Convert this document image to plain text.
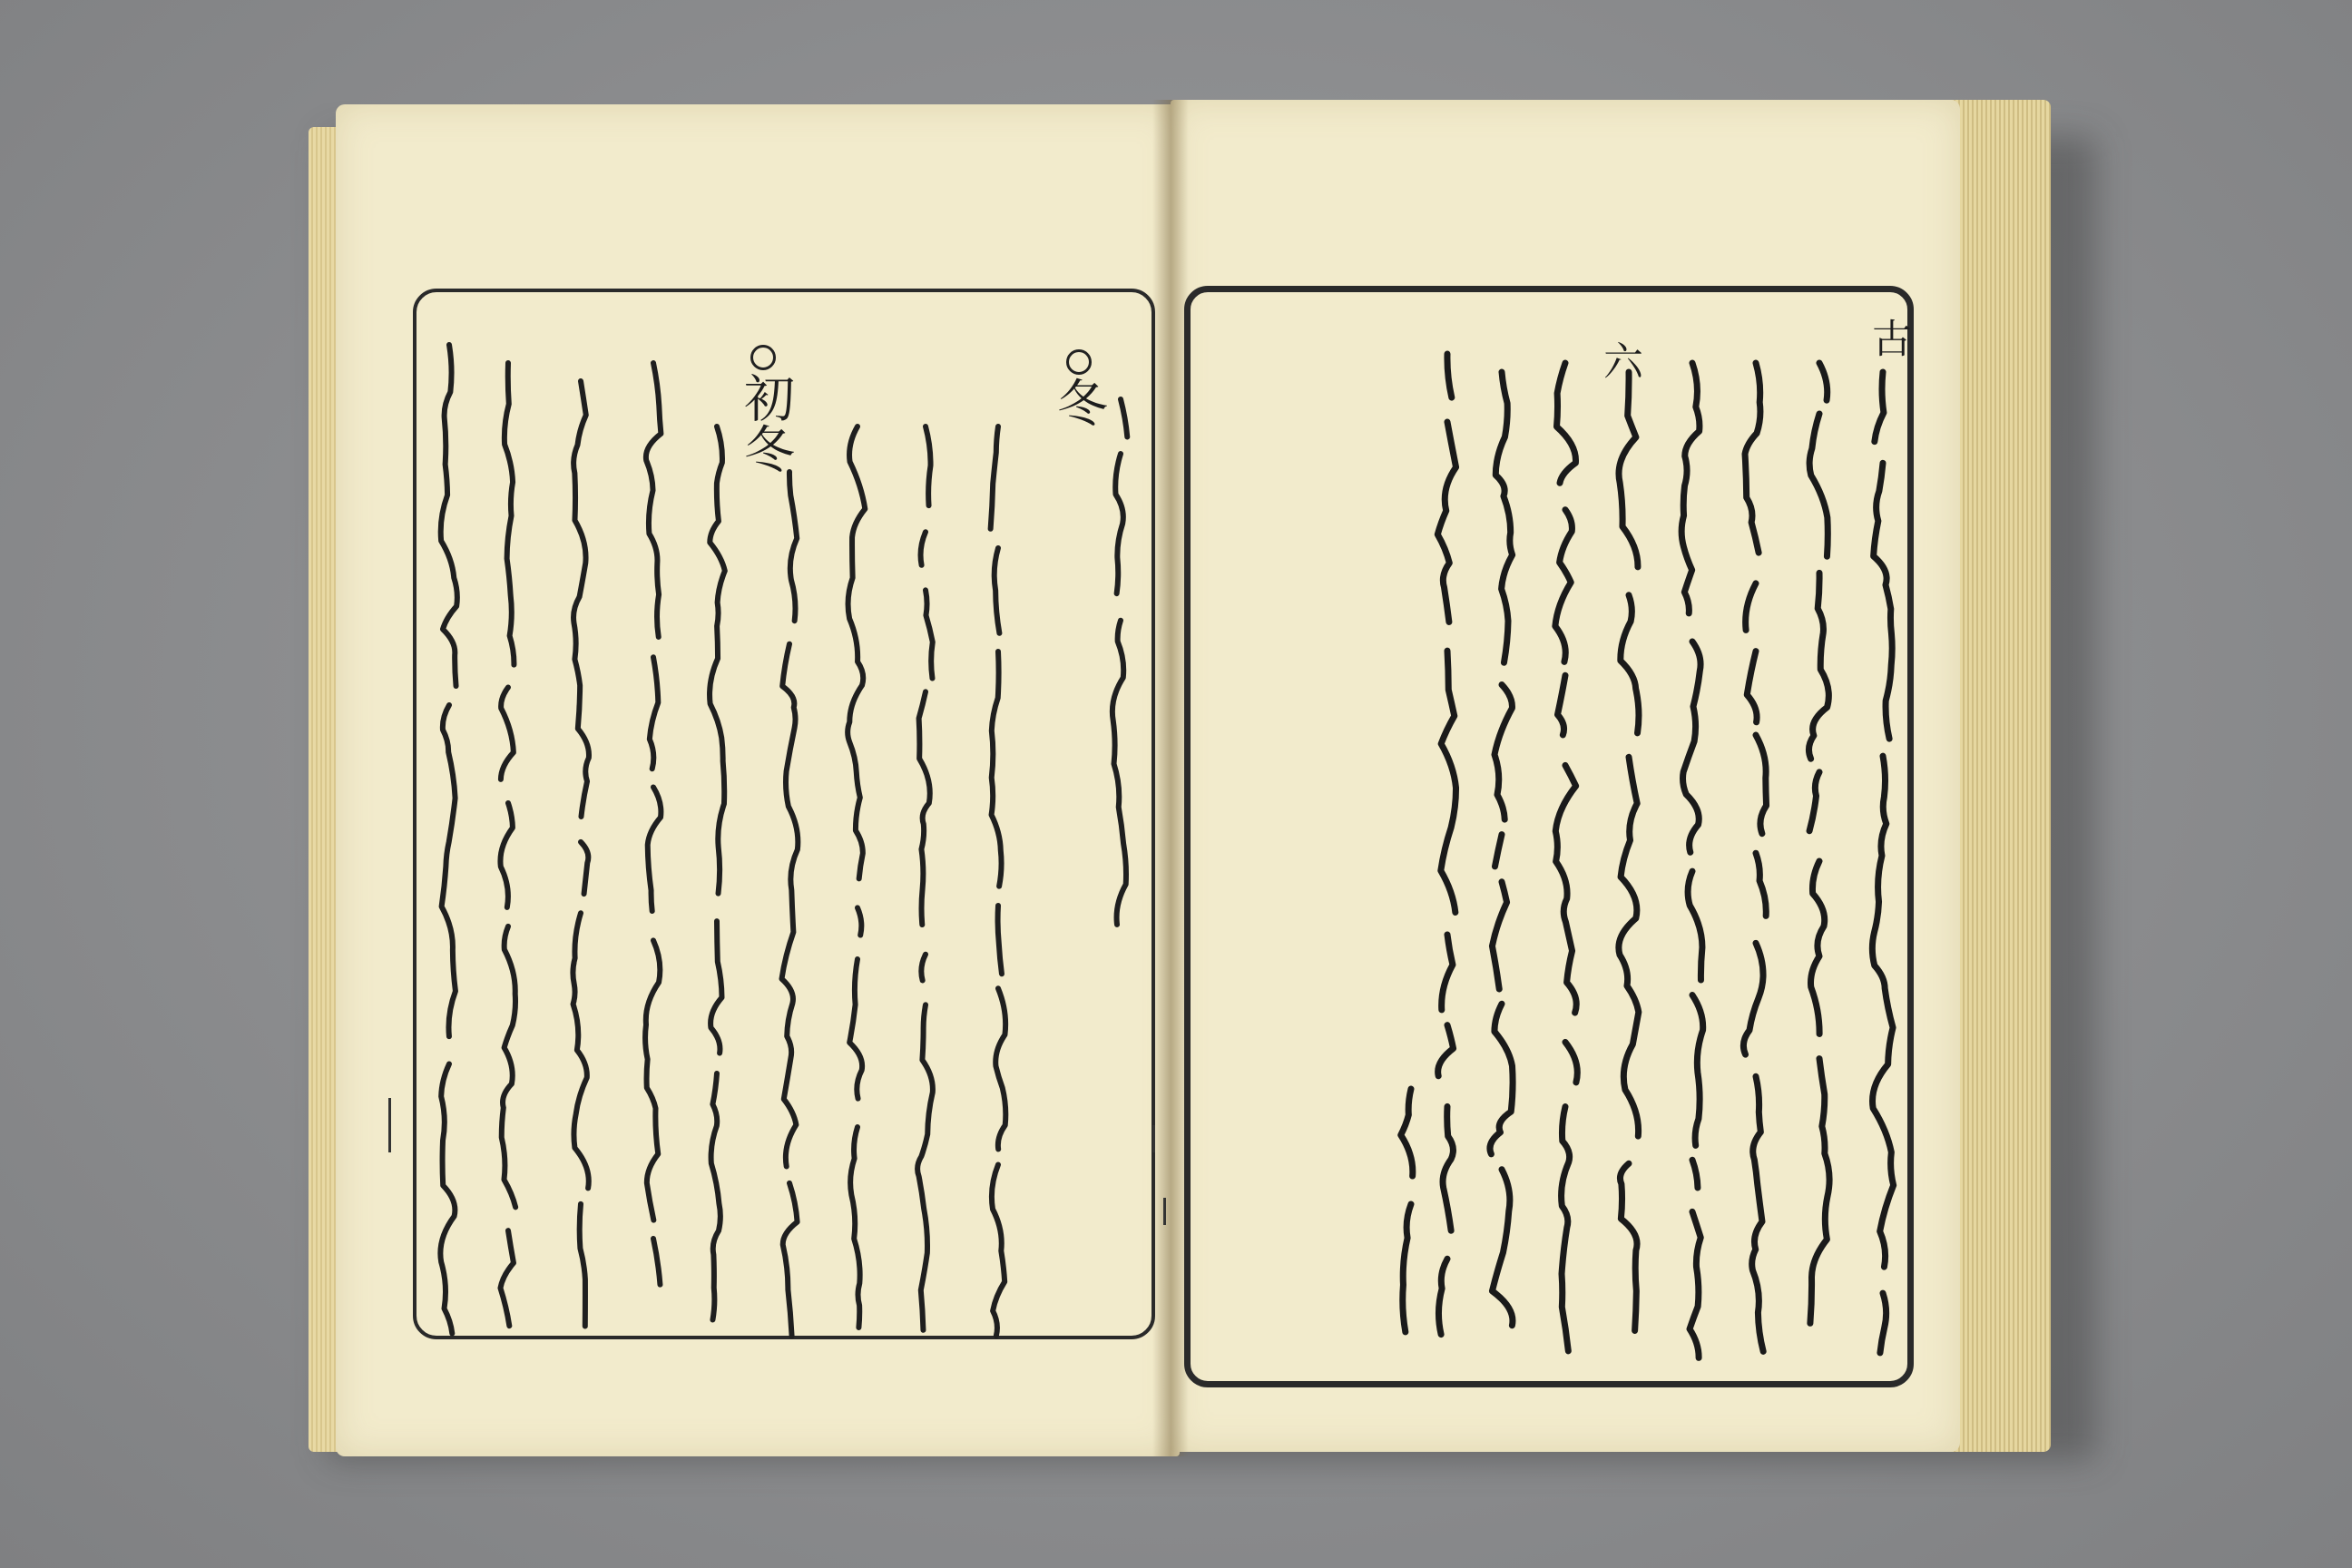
冬
初冬
古
六
